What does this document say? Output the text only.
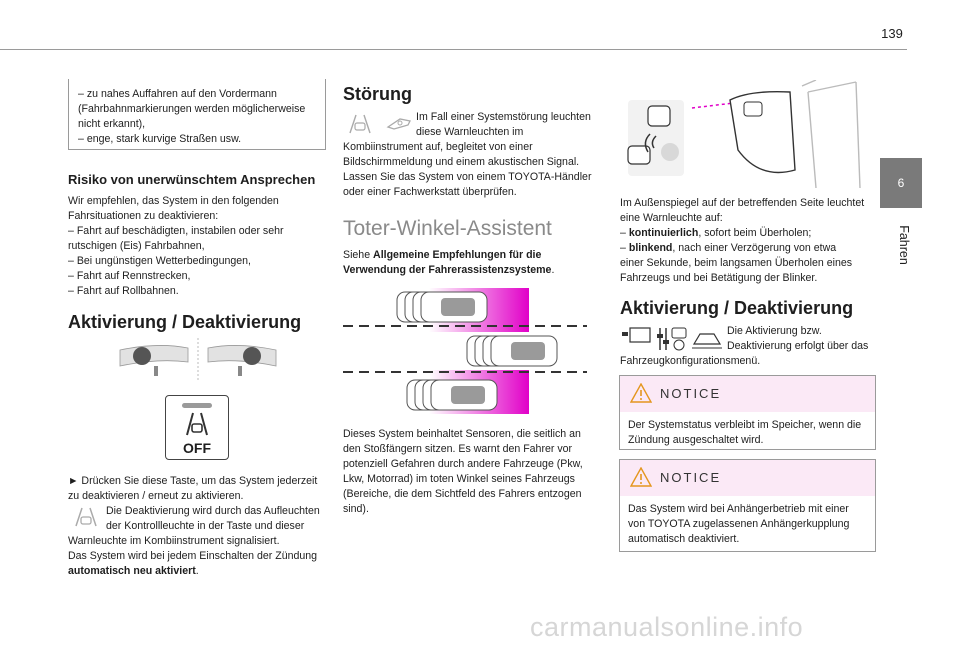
139
6
Fahren
– zu nahes Auffahren auf den Vordermann
(Fahrbahnmarkierungen werden möglicherweise
nicht erkannt),
– enge, stark kurvige Straßen usw.
Risiko von unerwünschtem Ansprechen
Wir empfehlen, das System in den folgenden
Fahrsituationen zu deaktivieren:
– Fahrt auf beschädigten, instabilen oder sehr
rutschigen (Eis) Fahrbahnen,
– Bei ungünstigen Wetterbedingungen,
– Fahrt auf Rennstrecken,
– Fahrt auf Rollbahnen.
Aktivierung / Deaktivierung
OFF
► Drücken Sie diese Taste, um das System jederzeit
zu deaktivieren / erneut zu aktivieren.
Die Deaktivierung wird durch das Aufleuchten
der Kontrollleuchte in der Taste und dieser
Warnleuchte im Kombiinstrument signalisiert.
Das System wird bei jedem Einschalten der Zündung
automatisch neu aktiviert.
Störung
Im Fall einer Systemstörung leuchten
diese Warnleuchten im
Kombiinstrument auf, begleitet von einer
Bildschirmmeldung und einem akustischen Signal.
Lassen Sie das System von einem TOYOTA-Händler
oder einer Fachwerkstatt überprüfen.
Toter-Winkel-Assistent
Siehe Allgemeine Empfehlungen für die
Verwendung der Fahrerassistenzsysteme.
Dieses System beinhaltet Sensoren, die seitlich an
den Stoßfängern sitzen. Es warnt den Fahrer vor
potenziell Gefahren durch andere Fahrzeuge (Pkw,
Lkw, Motorrad) im toten Winkel seines Fahrzeugs
(Bereiche, die dem Sichtfeld des Fahrers entzogen
sind).
Im Außenspiegel auf der betreffenden Seite leuchtet
eine Warnleuchte auf:
– kontinuierlich, sofort beim Überholen;
– blinkend, nach einer Verzögerung von etwa
einer Sekunde, beim langsamen Überholen eines
Fahrzeugs und bei Betätigung der Blinker.
Aktivierung / Deaktivierung
Die Aktivierung bzw.
Deaktivierung erfolgt über das
Fahrzeugkonfigurationsmenü.
NOTICE
Der Systemstatus verbleibt im Speicher, wenn die
Zündung ausgeschaltet wird.
NOTICE
Das System wird bei Anhängerbetrieb mit einer
von TOYOTA zugelassenen Anhängerkupplung
automatisch deaktiviert.
carmanualsonline.info
